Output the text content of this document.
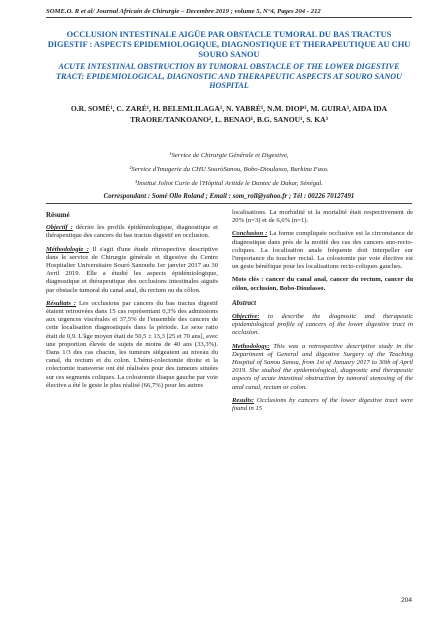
SOME.O. R et al/ Journal Africain de Chirurgie – Decembre 2019 ; volume 5, N°4, Pages 204 - 212
OCCLUSION INTESTINALE AIGÜE PAR OBSTACLE TUMORAL DU BAS TRACTUS DIGESTIF : ASPECTS EPIDEMIOLOGIQUE, DIAGNOSTIQUE ET THERAPEUTIQUE AU CHU SOURO SANOU
ACUTE INTESTINAL OBSTRUCTION BY TUMORAL OBSTACLE OF THE LOWER DIGESTIVE TRACT: EPIDEMIOLOGICAL, DIAGNOSTIC AND THERAPEUTIC ASPECTS AT SOURO SANOU HOSPITAL
O.R. SOMÉ¹, C. ZARÉ¹, H. BELEMLILAGA¹, N. YABRÉ¹, N.M. DIOP³, M. GUIRA³, AIDA IDA TRAORE/TANKOANO², L. BENAO¹, B.G. SANOU¹, S. KA³
¹Service de Chirurgie Générale et Digestive,
²Service d'Imagerie du CHU SouròSanou, Bobo-Dioulasso, Burkina Faso.
³Institut Joliot Curie de l'Hôpital Aritide le Dantec de Dakar, Sénégal.
Correspondant : Somé Ollo Roland ; Email : som_roll@yahoo.fr ; Tél : 00226 70127491
Résumé

Objectif : décrire les profils épidémiologique, diagnostique et thérapeutique des cancers du bas tractus digestif en occlusion.

Méthodologie : Il s'agit d'une étude rétrospective descriptive dans le service de Chirurgie générale et digestive du Centre Hospitalier Universitaire Souró Sanoudu 1er janvier 2017 au 30 Avril 2019. Elle a étudié les aspects épidémiologique, diagnostique et thérapeutique des occlusions intestinales aiguës par obstacle tumoral du canal anal, du rectum ou du côlon.

Résultats : Les occlusions par cancers du bas tractus digestif étaient retrouvées dans 15 cas représentant 0,3% des admissions aux urgences viscérales et 37,5% de l'ensemble des cancers de cette localisation diagnostiqués dans la période. Le sexe ratio était de 0,9. L'âge moyen était de 50,5 ± 13,3 [25 et 70 ans], avec une proportion élevée de sujets de moins de 40 ans (33,3%). Dans 1/3 des cas chacun, les tumeurs siégeaient au niveau du canal, du rectum et du colon. L'hémi-colectomie droite et la colectomie transverse ont été réalisées pour des tumeurs situées sur ces segments coliques. La colostomie iliaque gauche par voie élective a été le geste le plus réalisé (66,7%) pour les autres

localisations. La morbidité et la mortalité était respectivement de 20% (n=3) et de 6,6% (n=1).

Conclusion : La forme compliquée occlusive est la circonstance de diagnostique dans près de la moitié des cas des cancers ano-recto-coliques. La localisation anale fréquente doit interpeller sur l'importance du toucher rectal. La colostomie par voie élective est un geste bénéfique pour les localisations recto-coliques gauches.

Mots clés : cancer du canal anal, cancer du rectum, cancer du côlon, occlusion, Bobo-Dioulasso.

Abstract

Objective: to describe the diagnostic and therapeutic epidemiological profile of cancers of the lower digestive tract in occlusion.

Methodology: This was a retrospective descriptive study in the Department of General and digestive Surgery of the Teaching Hospital of Sanou Sanou, from 1st of January 2017 to 30th of April 2019. She studied the epidemiological, diagnostic and therapeutic aspects of acute intestinal obstruction by tumoral stenosing of the anal canal, rectum or colon.

Results: Occlusions by cancers of the lower digestive tract were found in 15

204
